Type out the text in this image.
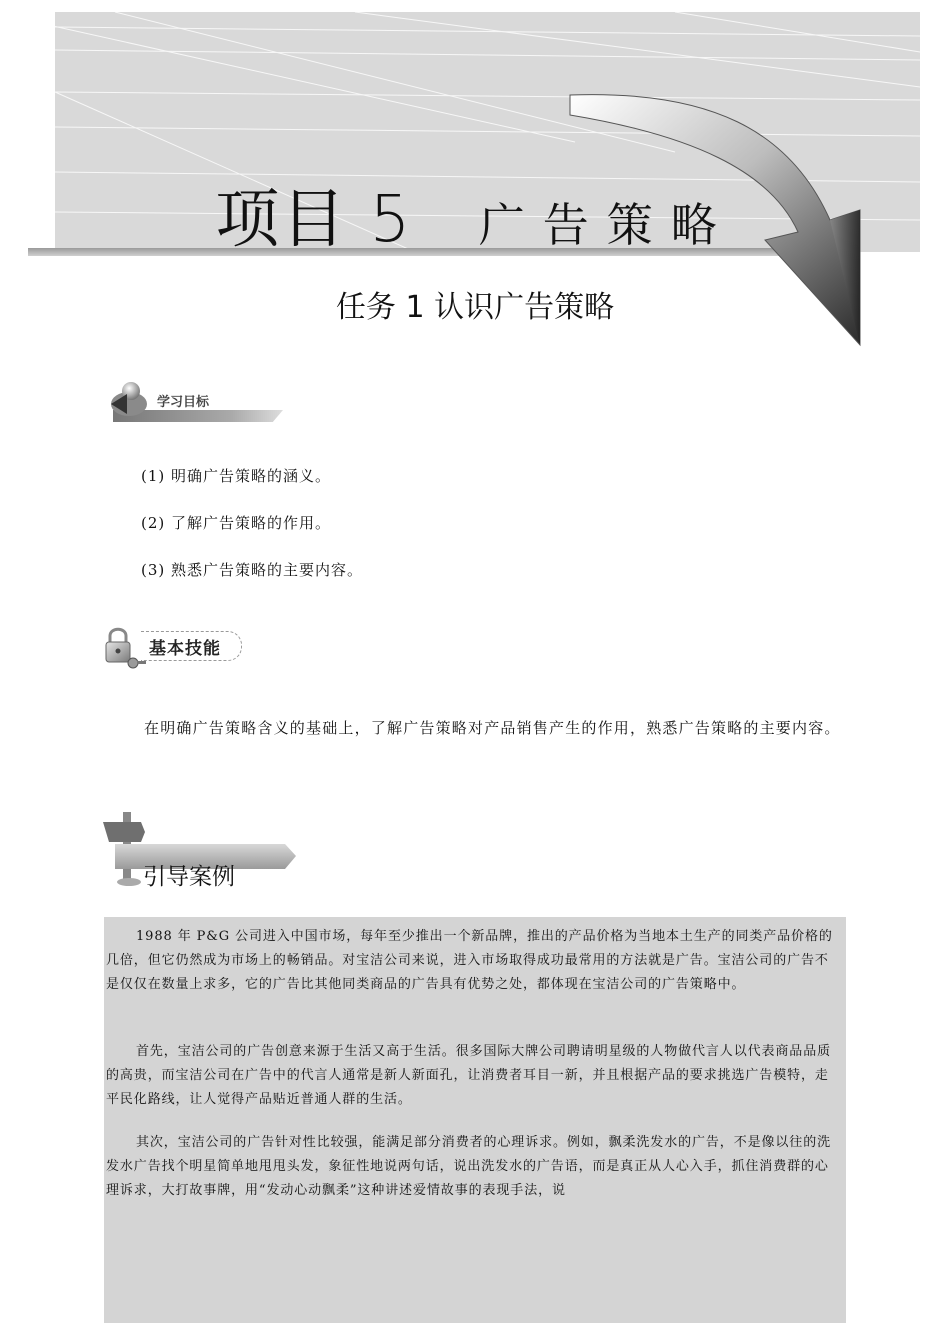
项目 5 广告策略
任务 1 认识广告策略
学习目标
(1) 明确广告策略的涵义。
(2) 了解广告策略的作用。
(3) 熟悉广告策略的主要内容。
基本技能

在明确广告策略含义的基础上，了解广告策略对产品销售产生的作用，熟悉广告策略的主要内容。

引导案例

1988 年 P&G 公司进入中国市场，每年至少推出一个新品牌，推出的产品价格为当地本土生产的同类产品价格的几倍，但它仍然成为市场上的畅销品。对宝洁公司来说，进入市场取得成功最常用的方法就是广告。宝洁公司的广告不是仅仅在数量上求多，它的广告比其他同类商品的广告具有优势之处，都体现在宝洁公司的广告策略中。

首先，宝洁公司的广告创意来源于生活又高于生活。很多国际大牌公司聘请明星级的人物做代言人以代表商品品质的高贵，而宝洁公司在广告中的代言人通常是新人新面孔，让消费者耳目一新，并且根据产品的要求挑选广告模特，走平民化路线，让人觉得产品贴近普通人群的生活。

其次，宝洁公司的广告针对性比较强，能满足部分消费者的心理诉求。例如，飘柔洗发水的广告，不是像以往的洗发水广告找个明星简单地甩甩头发，象征性地说两句话，说出洗发水的广告语，而是真正从人心入手，抓住消费群的心理诉求，大打故事牌，用“发动心动飘柔”这种讲述爱情故事的表现手法，说
